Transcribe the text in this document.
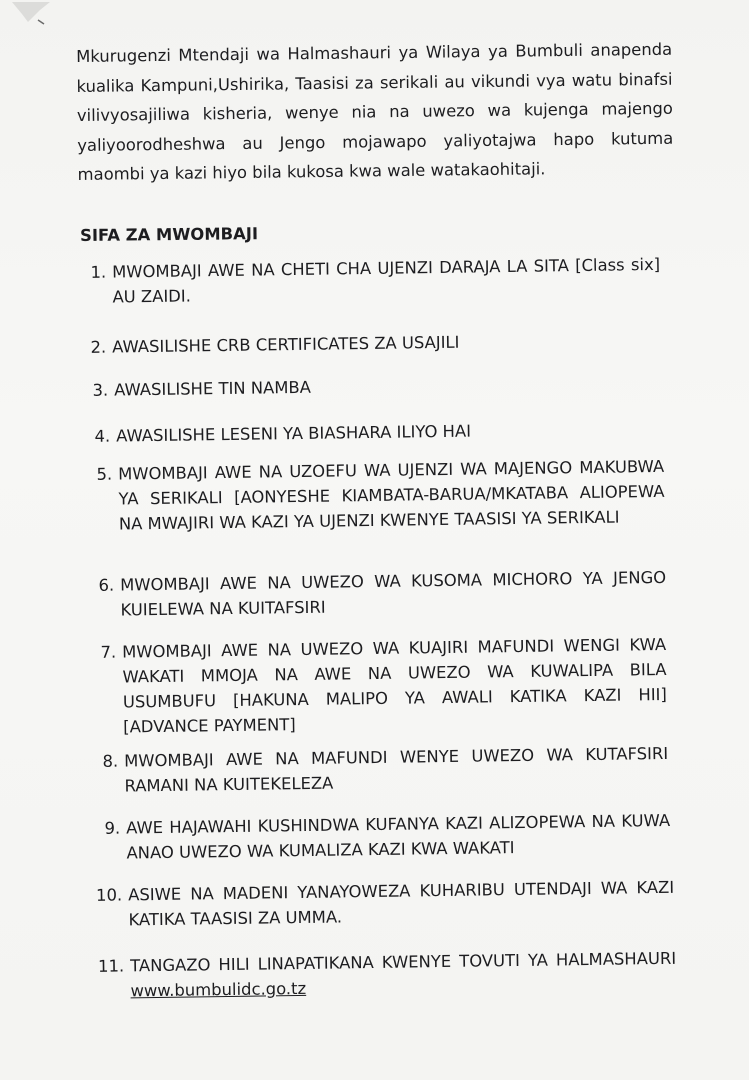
Mkurugenzi Mtendaji wa Halmashauri ya Wilaya ya Bumbuli anapenda kualika Kampuni,Ushirika, Taasisi za serikali au vikundi vya watu binafsi vilivyosajiliwa kisheria, wenye nia na uwezo wa kujenga majengo yaliyoorodheshwa au Jengo mojawapo yaliyotajwa hapo kutuma maombi ya kazi hiyo bila kukosa kwa wale watakaohitaji.

SIFA ZA MWOMBAJI

1. MWOMBAJI AWE NA CHETI CHA UJENZI DARAJA LA SITA [Class six] AU ZAIDI.
2. AWASILISHE CRB CERTIFICATES ZA USAJILI
3. AWASILISHE TIN NAMBA
4. AWASILISHE LESENI YA BIASHARA ILIYO HAI
5. MWOMBAJI AWE NA UZOEFU WA UJENZI WA MAJENGO MAKUBWA YA SERIKALI [AONYESHE KIAMBATA-BARUA/MKATABA ALIOPEWA NA MWAJIRI WA KAZI YA UJENZI KWENYE TAASISI YA SERIKALI
6. MWOMBAJI AWE NA UWEZO WA KUSOMA MICHORO YA JENGO KUIELEWA NA KUITAFSIRI
7. MWOMBAJI AWE NA UWEZO WA KUAJIRI MAFUNDI WENGI KWA WAKATI MMOJA NA AWE NA UWEZO WA KUWALIPA BILA USUMBUFU [HAKUNA MALIPO YA AWALI KATIKA KAZI HII][ADVANCE PAYMENT]
8. MWOMBAJI AWE NA MAFUNDI WENYE UWEZO WA KUTAFSIRI RAMANI NA KUITEKELEZA
9. AWE HAJAWAHI KUSHINDWA KUFANYA KAZI ALIZOPEWA NA KUWA ANAO UWEZO WA KUMALIZA KAZI KWA WAKATI
10. ASIWE NA MADENI YANAYOWEZA KUHARIBU UTENDAJI WA KAZI KATIKA TAASISI ZA UMMA.
11. TANGAZO HILI LINAPATIKANA KWENYE TOVUTI YA HALMASHAURI www.bumbulidc.go.tz
